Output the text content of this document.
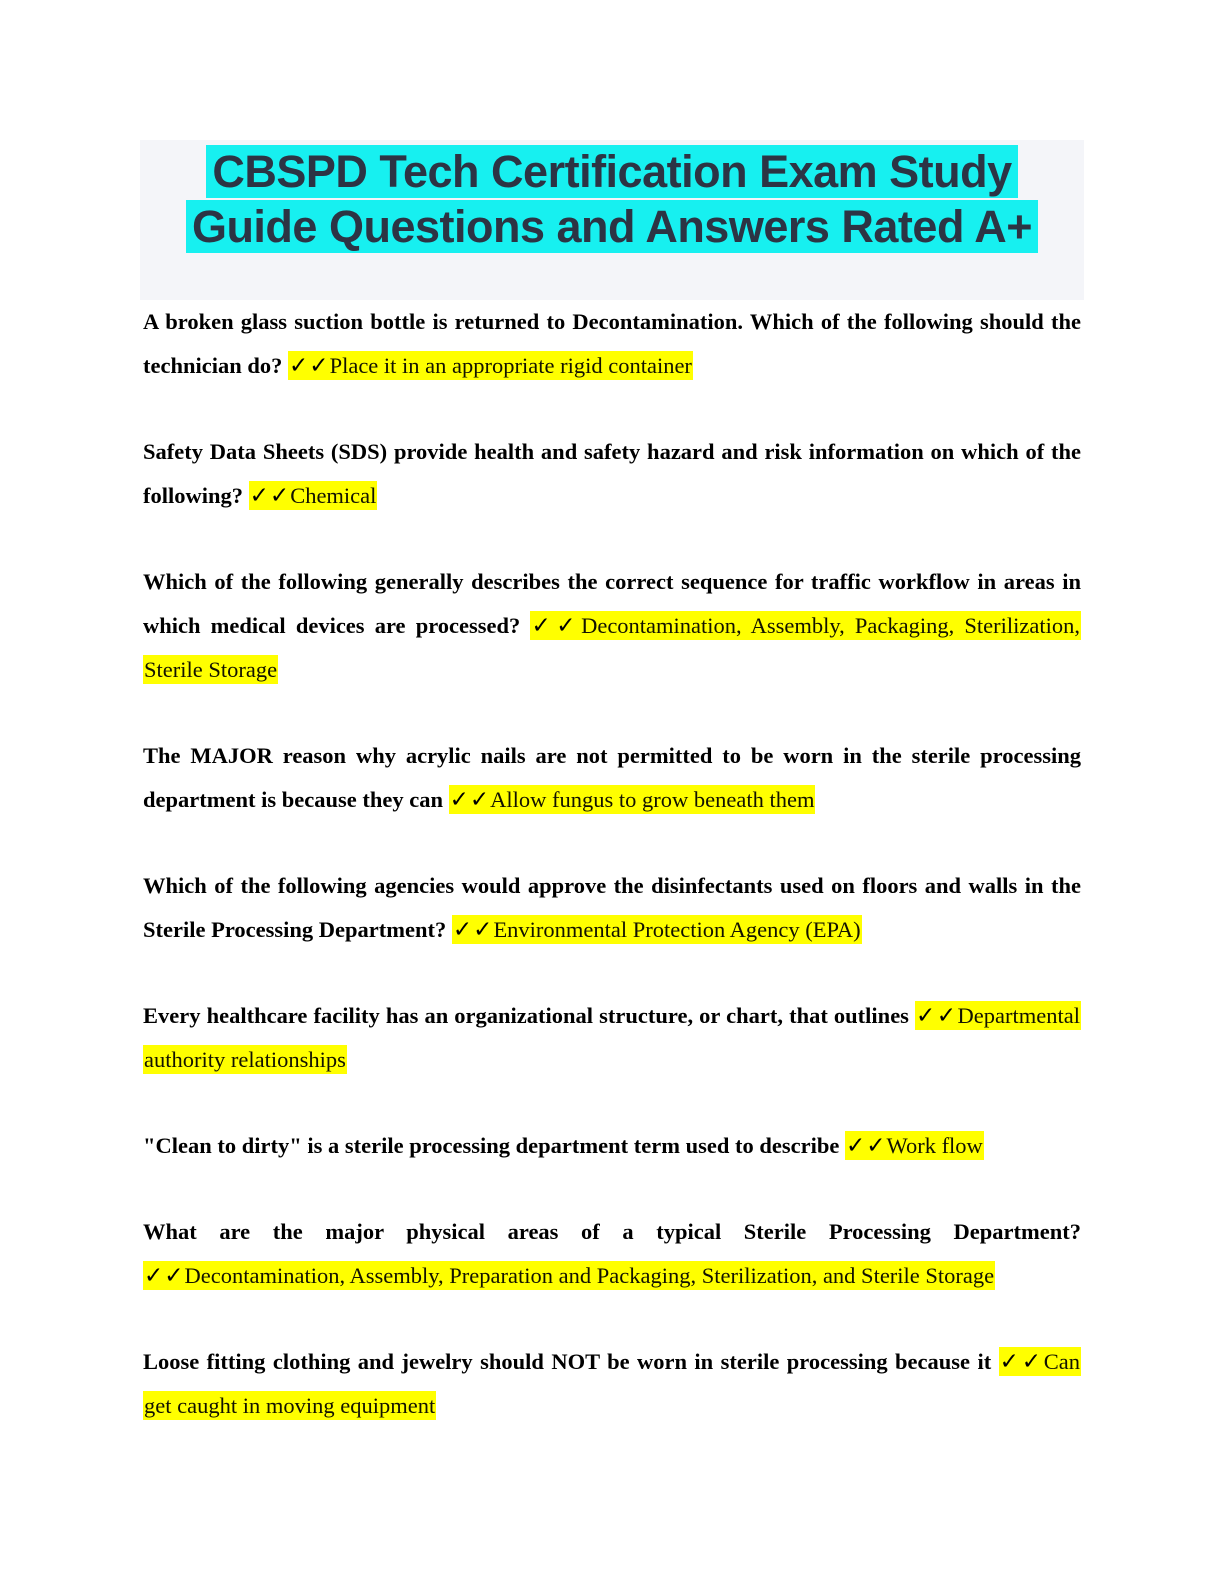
CBSPD Tech Certification Exam Study
Guide Questions and Answers Rated A+

A broken glass suction bottle is returned to Decontamination. Which of the following should the technician do? ✓✓Place it in an appropriate rigid container

Safety Data Sheets (SDS) provide health and safety hazard and risk information on which of the following? ✓✓Chemical

Which of the following generally describes the correct sequence for traffic workflow in areas in which medical devices are processed? ✓✓Decontamination, Assembly, Packaging, Sterilization, Sterile Storage

The MAJOR reason why acrylic nails are not permitted to be worn in the sterile processing department is because they can ✓✓Allow fungus to grow beneath them

Which of the following agencies would approve the disinfectants used on floors and walls in the Sterile Processing Department? ✓✓Environmental Protection Agency (EPA)

Every healthcare facility has an organizational structure, or chart, that outlines ✓✓Departmental authority relationships

"Clean to dirty" is a sterile processing department term used to describe ✓✓Work flow

What are the major physical areas of a typical Sterile Processing Department? ✓✓Decontamination, Assembly, Preparation and Packaging, Sterilization, and Sterile Storage

Loose fitting clothing and jewelry should NOT be worn in sterile processing because it ✓✓Can get caught in moving equipment
